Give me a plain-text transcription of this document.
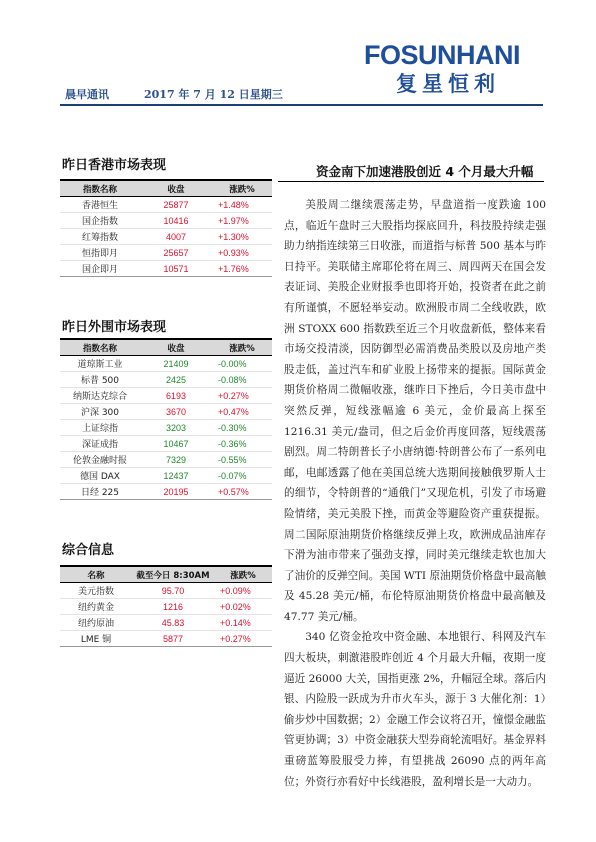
FOSUNHANI
复星恒利
晨早通讯	2017 年 7 月 12 日星期三
昨日香港市场表现
指数名称	收盘	涨跌%
香港恒生	25877	+1.48%
国企指数	10416	+1.97%
红筹指数	4007	+1.30%
恒指即月	25657	+0.93%
国企即月	10571	+1.76%
昨日外围市场表现
指数名称	收盘	涨跌%
道琼斯工业	21409	-0.00%
标普 500	2425	-0.08%
纳斯达克综合	6193	+0.27%
沪深 300	3670	+0.47%
上证综指	3203	-0.30%
深证成指	10467	-0.36%
伦敦金融时报	7329	-0.55%
德国 DAX	12437	-0.07%
日经 225	20195	+0.57%
综合信息
名称	截至今日 8:30AM	涨跌%
美元指数	95.70	+0.09%
纽约黄金	1216	+0.02%
纽约原油	45.83	+0.14%
LME 铜	5877	+0.27%
资金南下加速港股创近 4 个月最大升幅

美股周二继续震荡走势，早盘道指一度跌逾 100 点，临近午盘时三大股指均探底回升，科技股持续走强助力纳指连续第三日收涨，而道指与标普 500 基本与昨日持平。美联储主席耶伦将在周三、周四两天在国会发表证词、美股企业财报季也即将开始，投资者在此之前有所谨慎，不愿轻举妄动。欧洲股市周二全线收跌，欧洲 STOXX 600 指数跌至近三个月收盘新低，整体来看市场交投清淡，因防御型必需消费品类股以及房地产类股走低，盖过汽车和矿业股上扬带来的提振。国际黄金期货价格周二微幅收涨，继昨日下挫后，今日美市盘中突然反弹，短线涨幅逾 6 美元，金价最高上探至 1216.31 美元/盎司，但之后金价再度回落，短线震荡剧烈。周二特朗普长子小唐纳德·特朗普公布了一系列电邮，电邮透露了他在美国总统大选期间接触俄罗斯人士的细节，令特朗普的“通俄门”又现危机，引发了市场避险情绪，美元美股下挫，而黄金等避险资产重获提振。周二国际原油期货价格继续反弹上攻，欧洲成品油库存下滑为油市带来了强劲支撑，同时美元继续走软也加大了油价的反弹空间。美国 WTI 原油期货价格盘中最高触及 45.28 美元/桶，布伦特原油期货价格盘中最高触及 47.77 美元/桶。

340 亿资金抢攻中资金融、本地银行、科网及汽车四大板块，刺激港股昨创近 4 个月最大升幅，夜期一度逼近 26000 大关，国指更涨 2%，升幅冠全球。落后内银、内险股一跃成为升市火车头，源于 3 大催化剂：1）偷步炒中国数据；2）金融工作会议将召开，憧憬金融监管更协调；3）中资金融获大型券商轮流唱好。基金界料重磅蓝筹股服受力捧，有望挑战 26090 点的两年高位；外资行亦看好中长线港股，盈利增长是一大动力。
